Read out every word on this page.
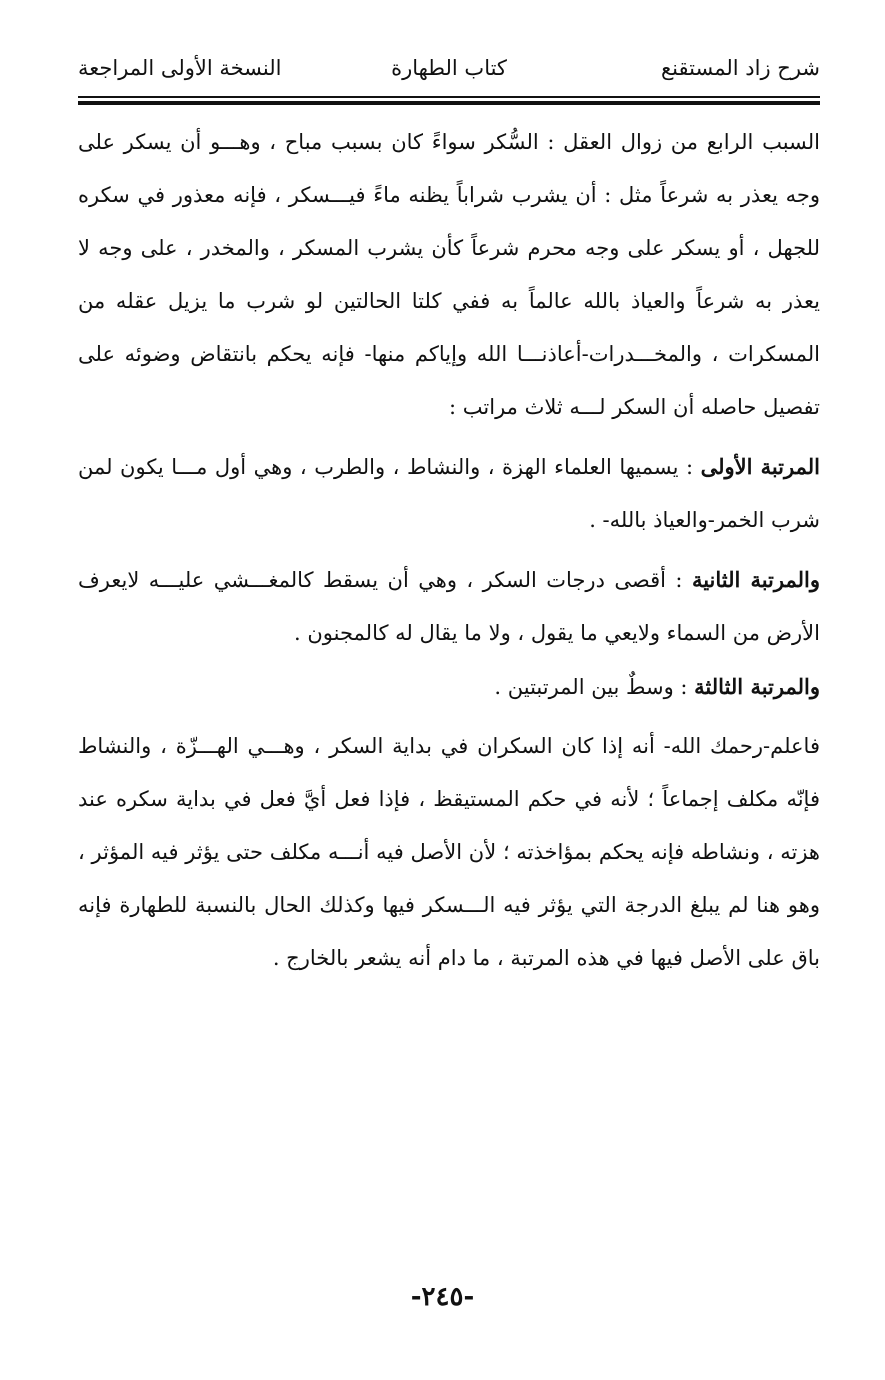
شرح زاد المستقنع
كتاب الطهارة
النسخة الأولى المراجعة

السبب الرابع من زوال العقل : السُّكر سواءً كان بسبب مباح ، وهـــو أن يسكر على وجه يعذر به شرعاً مثل : أن يشرب شراباً يظنه ماءً فيـــسكر ، فإنه معذور في سكره للجهل ، أو يسكر على وجه محرم شرعاً كأن يشرب المسكر ، والمخدر ، على وجه لا يعذر به شرعاً والعياذ بالله عالماً به ففي كلتا الحالتين لو شرب ما يزيل عقله من المسكرات ، والمخـــدرات-أعاذنـــا الله وإياكم منها- فإنه يحكم بانتقاض وضوئه على تفصيل حاصله أن السكر لـــه ثلاث مراتب :

المرتبة الأولى : يسميها العلماء الهزة ، والنشاط ، والطرب ، وهي أول مـــا يكون لمن شرب الخمر-والعياذ بالله- .

والمرتبة الثانية : أقصى درجات السكر ، وهي أن يسقط كالمغـــشي عليـــه لايعرف الأرض من السماء ولايعي ما يقول ، ولا ما يقال له كالمجنون .

والمرتبة الثالثة : وسطٌ بين المرتبتين .

فاعلم-رحمك الله- أنه إذا كان السكران في بداية السكر ، وهـــي الهـــزّة ، والنشاط فإنّه مكلف إجماعاً ؛ لأنه في حكم المستيقظ ، فإذا فعل أيَّ فعل في بداية سكره عند هزته ، ونشاطه فإنه يحكم بمؤاخذته ؛ لأن الأصل فيه أنـــه مكلف حتى يؤثر فيه المؤثر ، وهو هنا لم يبلغ الدرجة التي يؤثر فيه الـــسكر فيها وكذلك الحال بالنسبة للطهارة فإنه باق على الأصل فيها في هذه المرتبة ، ما دام أنه يشعر بالخارج .

-٢٤٥-
